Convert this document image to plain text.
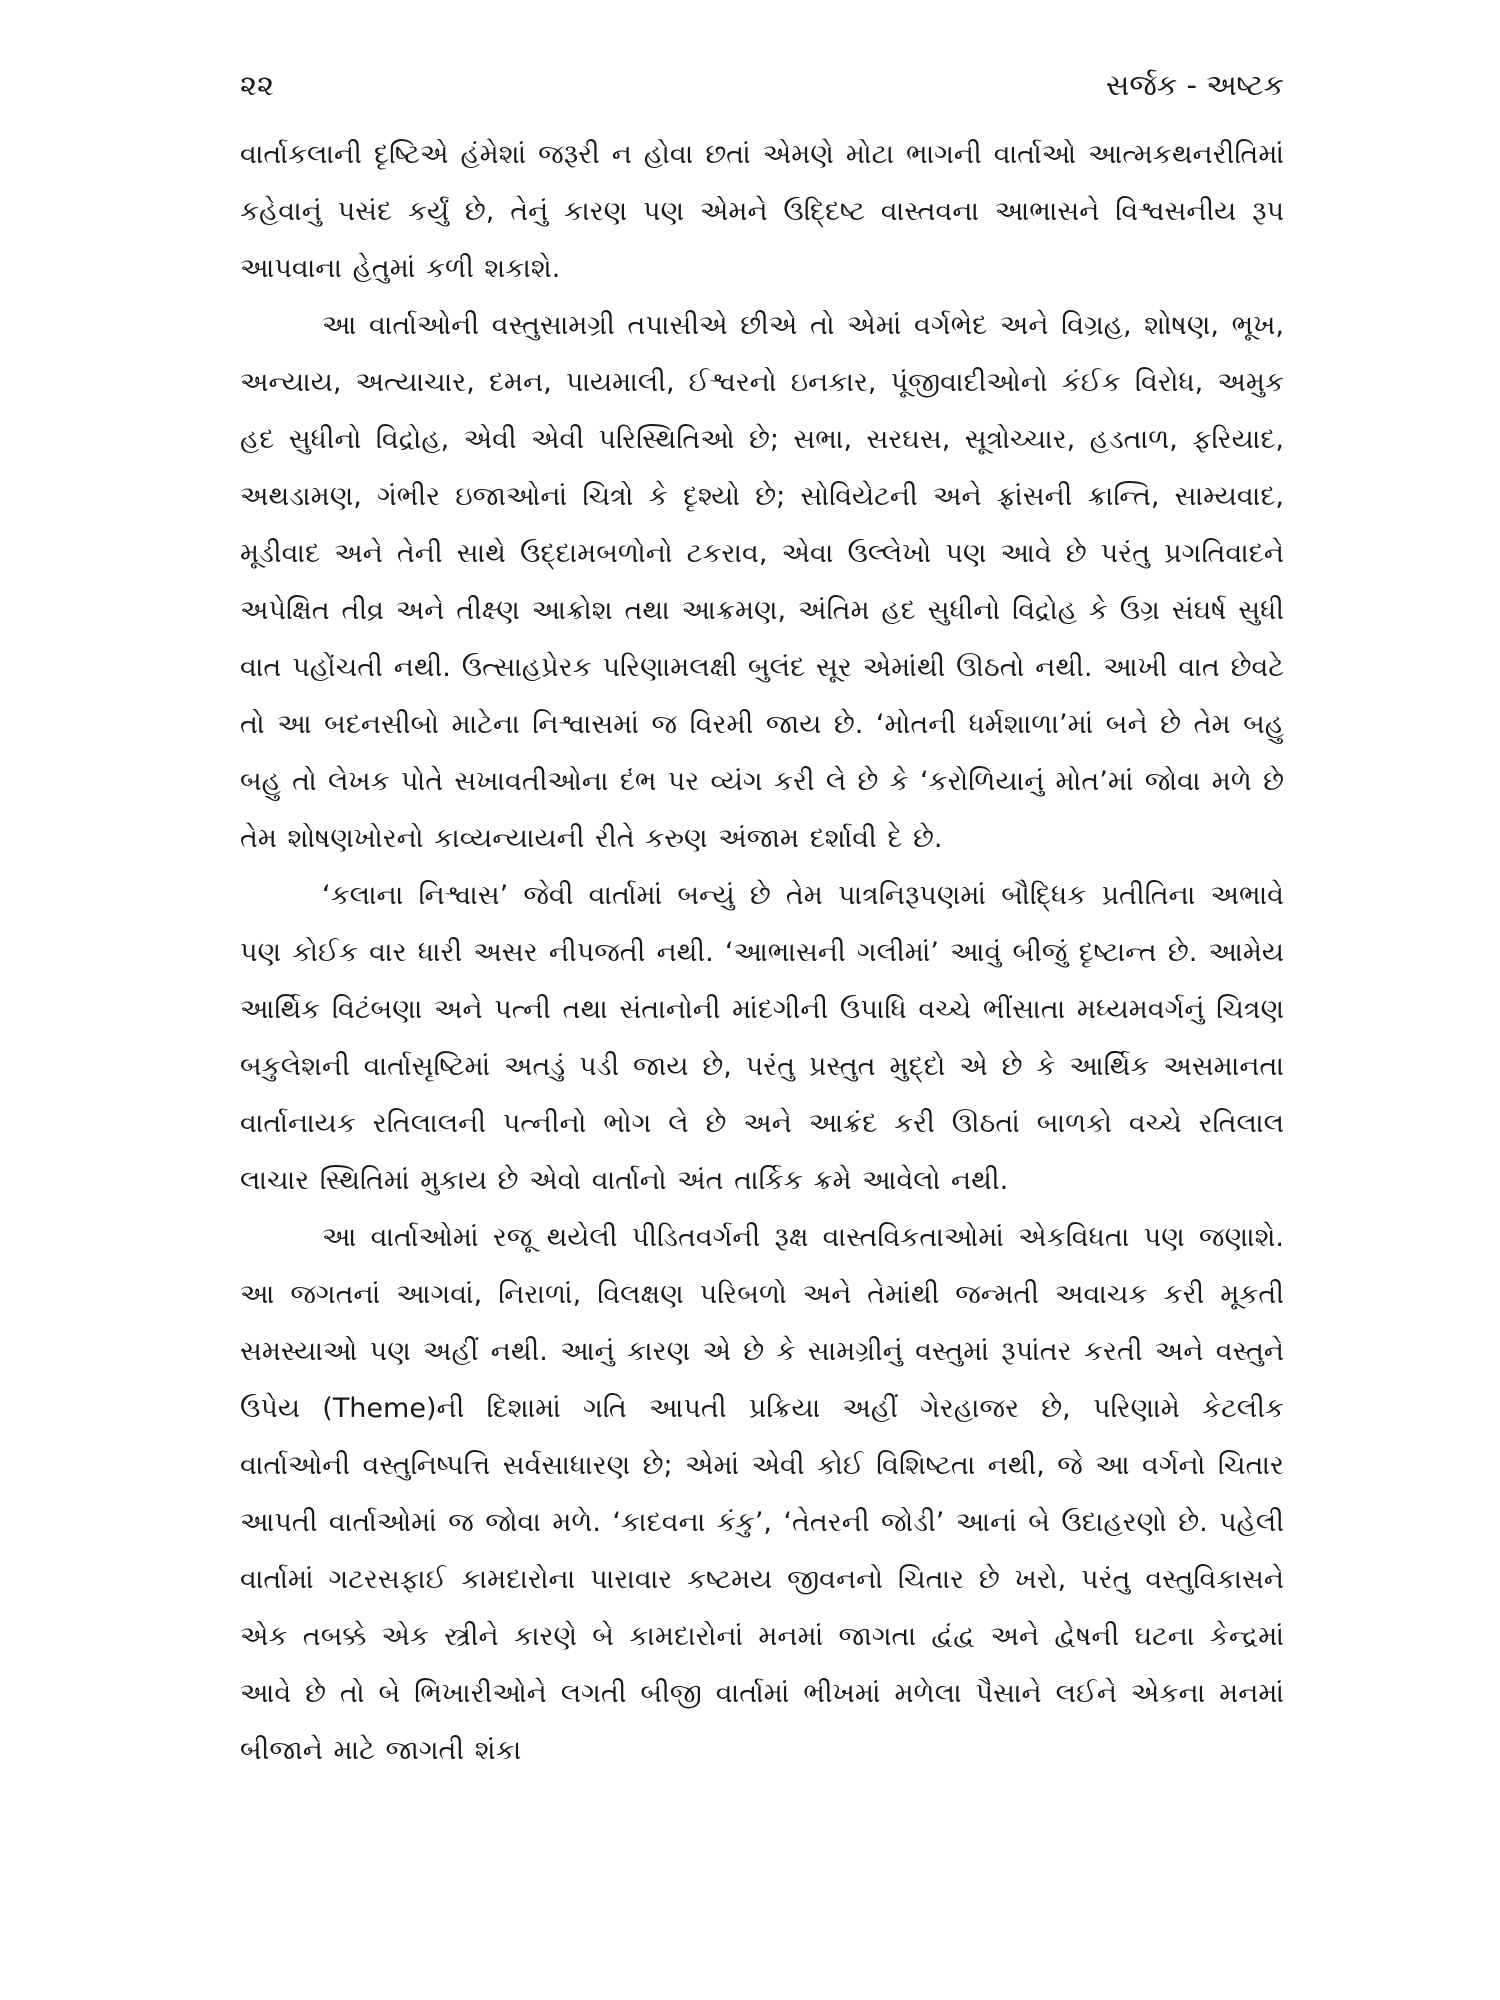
૨૨	સર્જક - અષ્ટક

વાર્તાકલાની દૃષ્ટિએ હંમેશાં જરૂરી ન હોવા છતાં એમણે મોટા ભાગની વાર્તાઓ આત્મકથનરીતિમાં કહેવાનું પસંદ કર્યું છે, તેનું કારણ પણ એમને ઉદ્દિષ્ટ વાસ્તવના આભાસને વિશ્વસનીય રૂપ આપવાના હેતુમાં કળી શકાશે.

આ વાર્તાઓની વસ્તુસામગ્રી તપાસીએ છીએ તો એમાં વર્ગભેદ અને વિગ્રહ, શોષણ, ભૂખ, અન્યાય, અત્યાચાર, દમન, પાયમાલી, ઈશ્વરનો ઇનકાર, પૂંજીવાદીઓનો કંઈક વિરોધ, અમુક હદ સુધીનો વિદ્રોહ, એવી એવી પરિસ્થિતિઓ છે; સભા, સરઘસ, સૂત્રોચ્ચાર, હડતાળ, ફરિયાદ, અથડામણ, ગંભીર ઇજાઓનાં ચિત્રો કે દૃશ્યો છે; સોવિયેટની અને ફ્રાંસની ક્રાન્તિ, સામ્યવાદ, મૂડીવાદ અને તેની સાથે ઉદ્દામબળોનો ટકરાવ, એવા ઉલ્લેખો પણ આવે છે પરંતુ પ્રગતિવાદને અપેક્ષિત તીવ્ર અને તીક્ષ્ણ આક્રોશ તથા આક્રમણ, અંતિમ હદ સુધીનો વિદ્રોહ કે ઉગ્ર સંઘર્ષ સુધી વાત પહોંચતી નથી. ઉત્સાહપ્રેરક પરિણામલક્ષી બુલંદ સૂર એમાંથી ઊઠતો નથી. આખી વાત છેવટે તો આ બદનસીબો માટેના નિશ્વાસમાં જ વિરમી જાય છે. ‘મોતની ધર્મશાળા’માં બને છે તેમ બહુ બહુ તો લેખક પોતે સખાવતીઓના દંભ પર વ્યંગ કરી લે છે કે ‘કરોળિયાનું મોત’માં જોવા મળે છે તેમ શોષણખોરનો કાવ્યન્યાયની રીતે કરુણ અંજામ દર્શાવી દે છે.

‘કલાના નિશ્વાસ’ જેવી વાર્તામાં બન્યું છે તેમ પાત્રનિરૂપણમાં બૌદ્ધિક પ્રતીતિના અભાવે પણ કોઈક વાર ધારી અસર નીપજતી નથી. ‘આભાસની ગલીમાં’ આવું બીજું દૃષ્ટાન્ત છે. આમેય આર્થિક વિટંબણા અને પત્ની તથા સંતાનોની માંદગીની ઉપાધિ વચ્ચે ભીંસાતા મધ્યમવર્ગનું ચિત્રણ બકુલેશની વાર્તાસૃષ્ટિમાં અતડું પડી જાય છે, પરંતુ પ્રસ્તુત મુદ્દો એ છે કે આર્થિક અસમાનતા વાર્તાનાયક રતિલાલની પત્નીનો ભોગ લે છે અને આક્રંદ કરી ઊઠતાં બાળકો વચ્ચે રતિલાલ લાચાર સ્થિતિમાં મુકાય છે એવો વાર્તાનો અંત તાર્કિક ક્રમે આવેલો નથી.

આ વાર્તાઓમાં રજૂ થયેલી પીડિતવર્ગની રૂક્ષ વાસ્તવિકતાઓમાં એકવિધતા પણ જણાશે. આ જગતનાં આગવાં, નિરાળાં, વિલક્ષણ પરિબળો અને તેમાંથી જન્મતી અવાચક કરી મૂકતી સમસ્યાઓ પણ અહીં નથી. આનું કારણ એ છે કે સામગ્રીનું વસ્તુમાં રૂપાંતર કરતી અને વસ્તુને ઉપેય (Theme)ની દિશામાં ગતિ આપતી પ્રક્રિયા અહીં ગેરહાજર છે, પરિણામે કેટલીક વાર્તાઓની વસ્તુનિષ્પત્તિ સર્વસાધારણ છે; એમાં એવી કોઈ વિશિષ્ટતા નથી, જે આ વર્ગનો ચિતાર આપતી વાર્તાઓમાં જ જોવા મળે. ‘કાદવના કંકુ’, ‘તેતરની જોડી’ આનાં બે ઉદાહરણો છે. પહેલી વાર્તામાં ગટરસફાઈ કામદારોના પારાવાર કષ્ટમય જીવનનો ચિતાર છે ખરો, પરંતુ વસ્તુવિકાસને એક તબક્કે એક સ્ત્રીને કારણે બે કામદારોનાં મનમાં જાગતા દ્વંદ્વ અને દ્વેષની ઘટના કેન્દ્રમાં આવે છે તો બે ભિખારીઓને લગતી બીજી વાર્તામાં ભીખમાં મળેલા પૈસાને લઈને એકના મનમાં બીજાને માટે જાગતી શંકા
